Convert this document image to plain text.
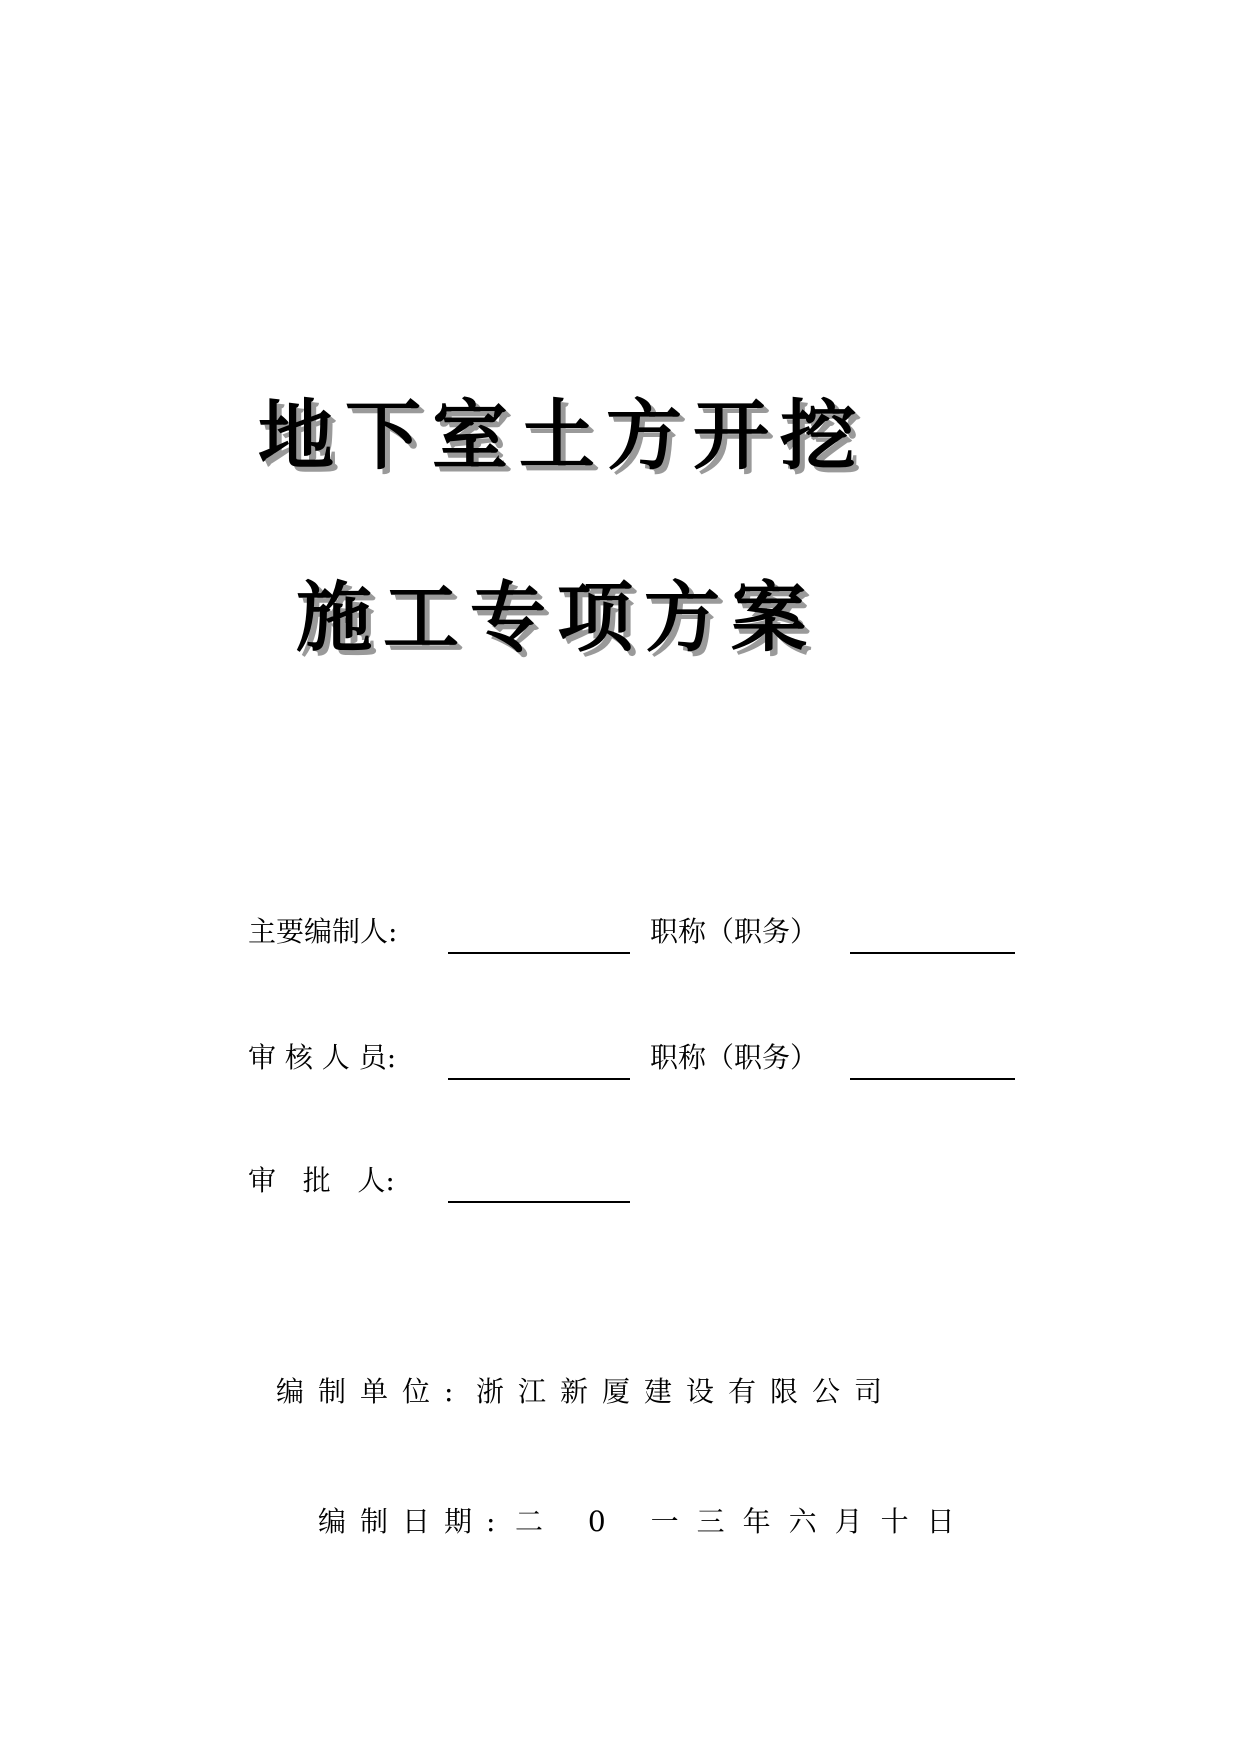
地下室土方开挖
施工专项方案
主要编制人:	职称（职务）
审 核 人 员:	职称（职务）
审   批   人:
编制单位: 浙江新厦建设有限公司
编制日期: 二 0 一三年六月十日
